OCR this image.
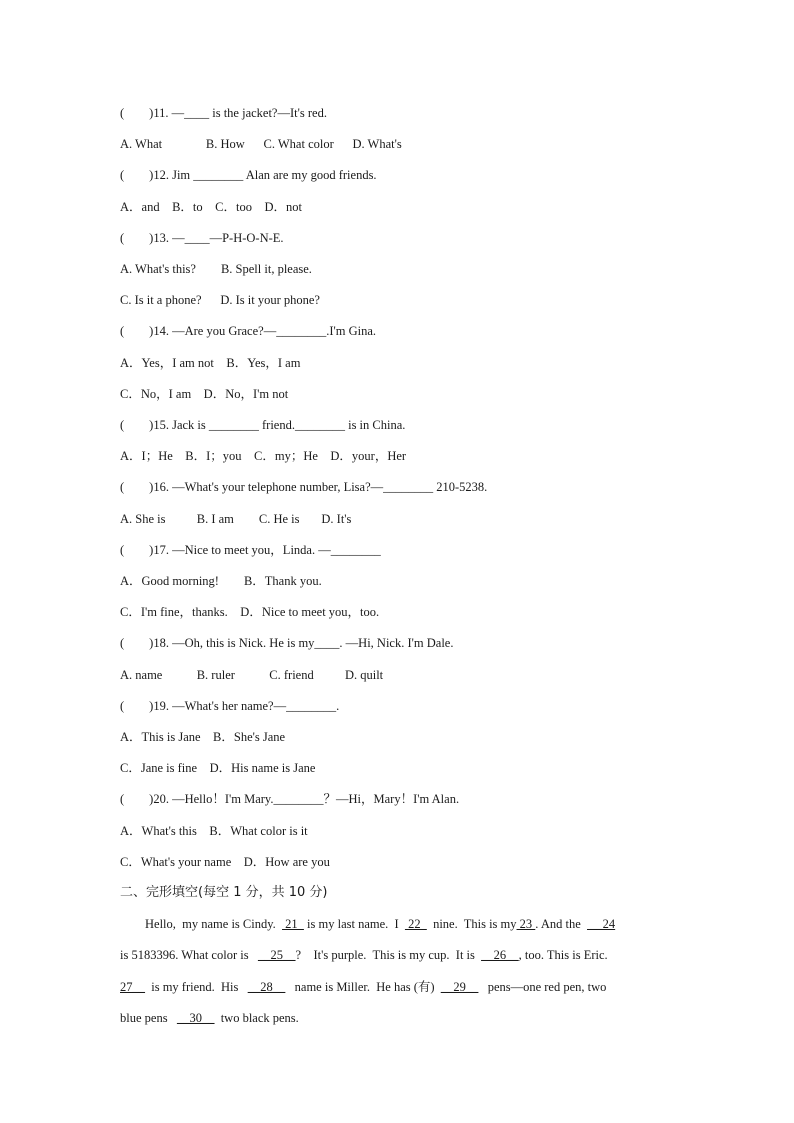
(        )11. —____ is the jacket?—It's red.
A. What              B. How      C. What color      D. What's
(        )12. Jim ________ Alan are my good friends.
A．and    B．to    C．too    D．not
(        )13. —____—P-H-O-N-E.
A. What's this?        B. Spell it, please.
C. Is it a phone?      D. Is it your phone?
(        )14. —Are you Grace?—________.I'm Gina.
A．Yes，I am not    B．Yes，I am
C．No，I am    D．No，I'm not
(        )15. Jack is ________ friend.________ is in China.
A．I；He    B．I；you    C．my；He    D．your，Her
(        )16. —What's your telephone number, Lisa?—________ 210-5238.
A. She is          B. I am        C. He is       D. It's
(        )17. —Nice to meet you，Linda. —________
A．Good morning!        B．Thank you.
C．I'm fine，thanks.    D．Nice to meet you，too.
(        )18. —Oh, this is Nick. He is my____. —Hi, Nick. I'm Dale.
A. name           B. ruler           C. friend          D. quilt
(        )19. —What's her name?—________.
A．This is Jane    B．She's Jane
C．Jane is fine    D．His name is Jane
(        )20. —Hello！I'm Mary.________？—Hi，Mary！I'm Alan.
A．What's this    B．What color is it
C．What's your name    D．How are you
二、完形填空(每空 1 分，共 10 分)
Hello,  my name is Cindy.   21   is my last name.  I   22    nine.  This is my 23 . And the   __24
is 5183396. What color is   __25__?    It's purple.  This is my cup.  It is  __26__, too. This is Eric.
27__  is my friend.  His   __28__   name is Miller.  He has (有)  __29__   pens—one red pen, two
blue pens   __30__  two black pens.
